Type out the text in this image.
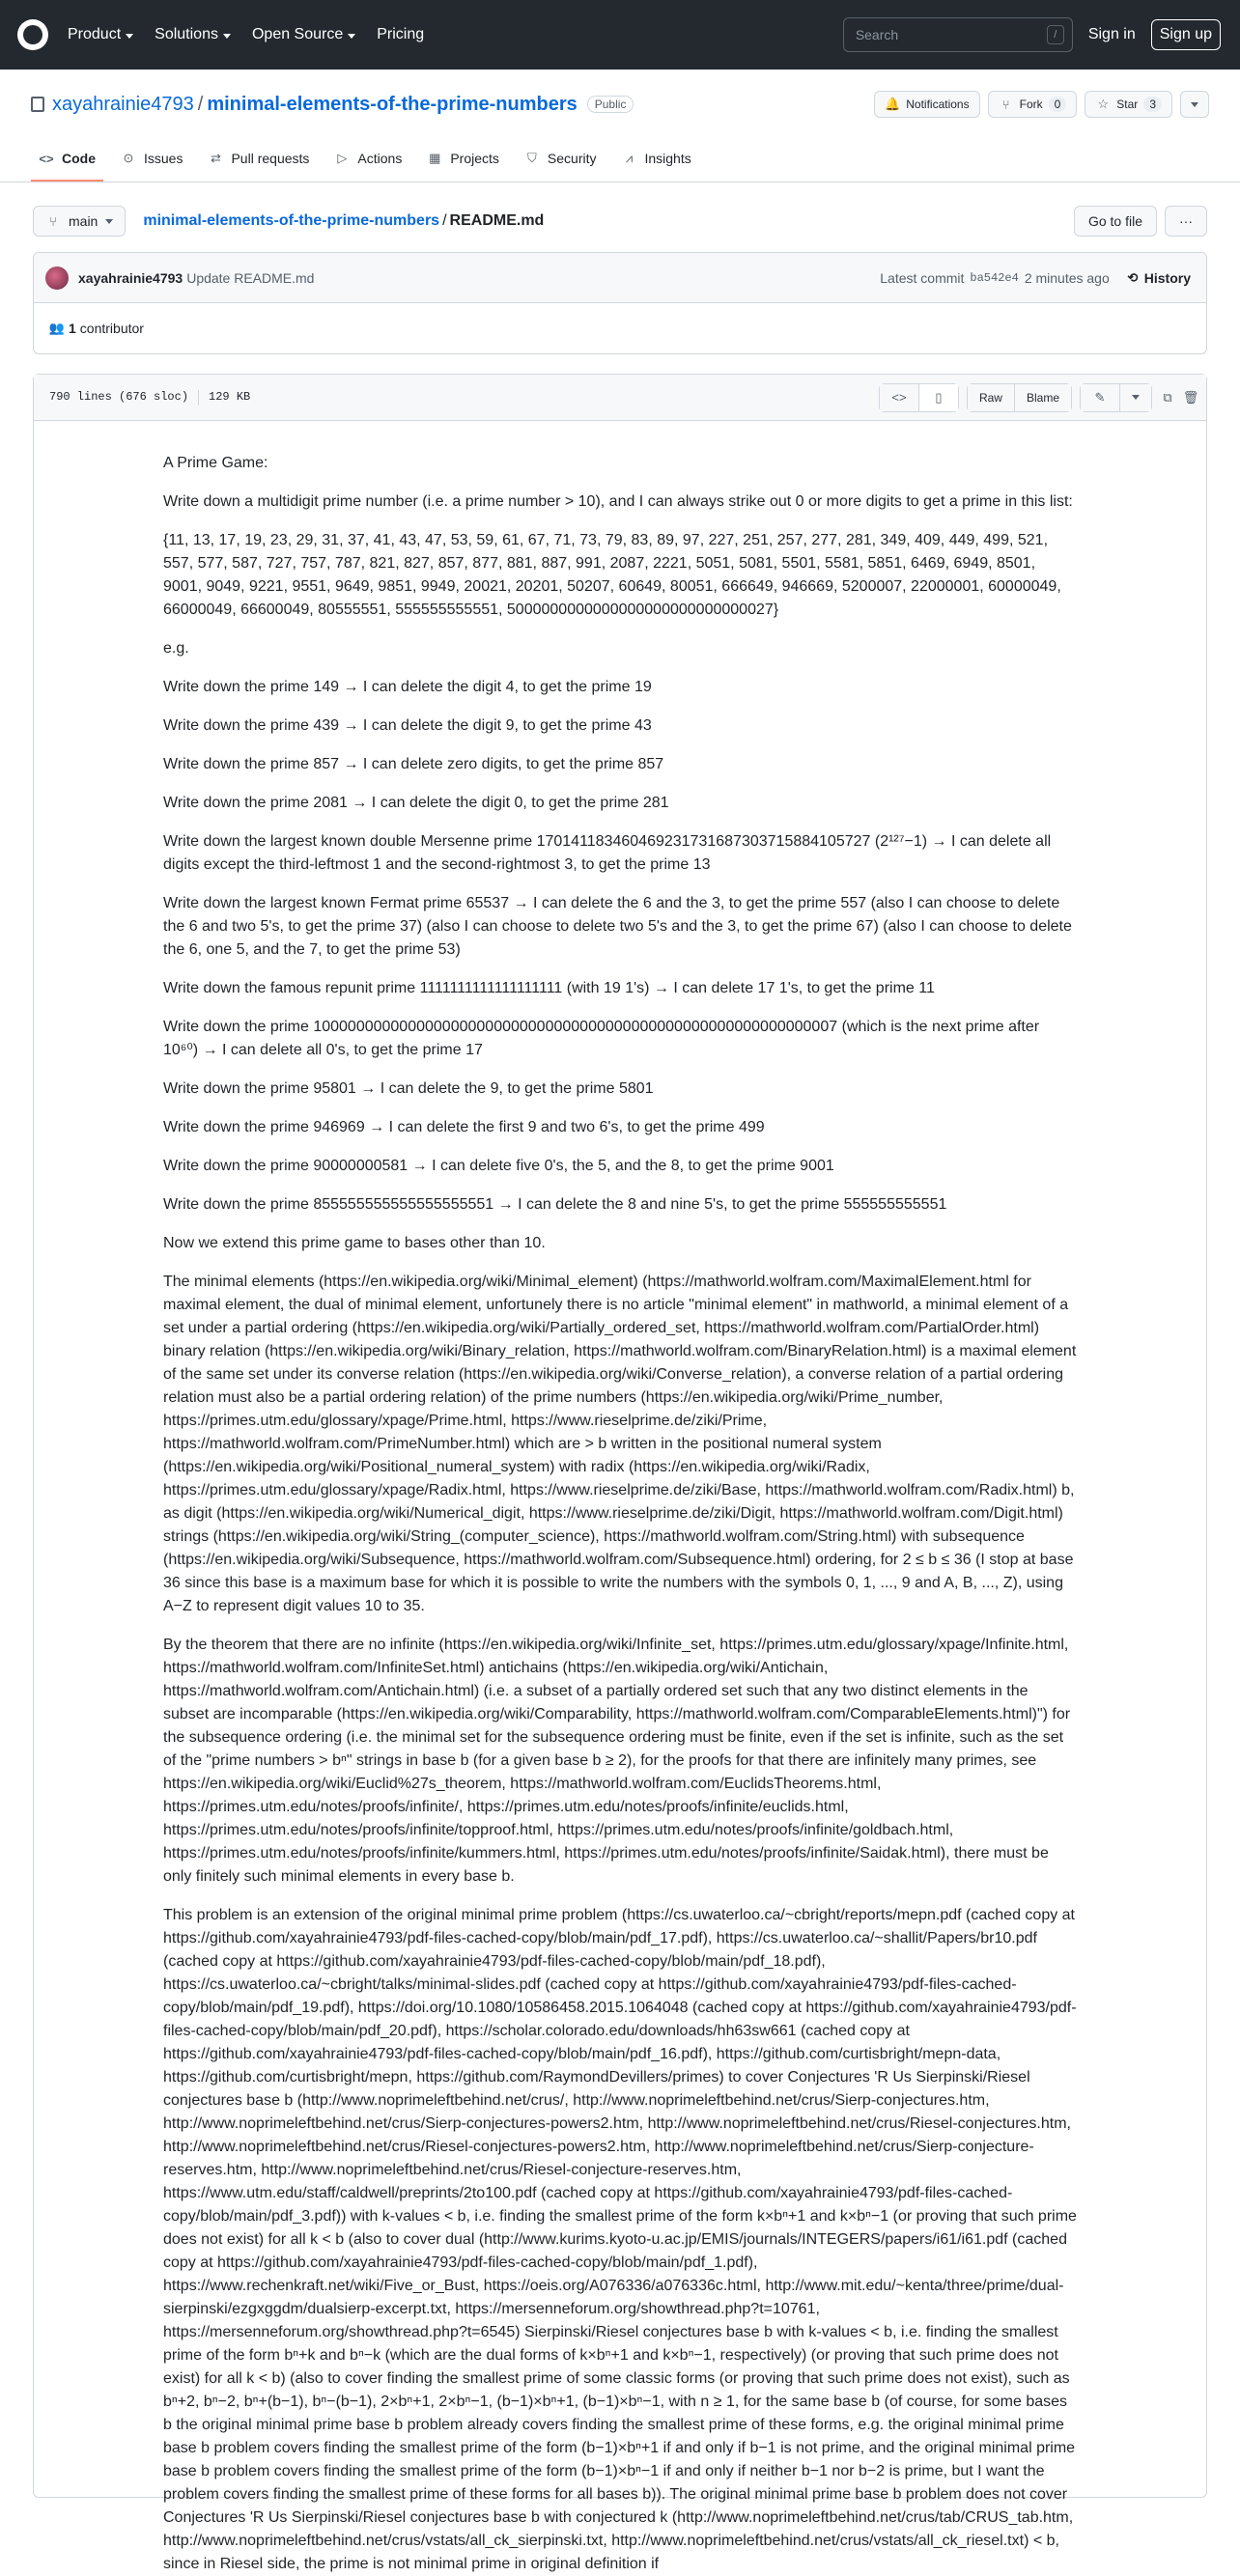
Product Solutions Open Source Pricing	Search	/	Sign in	Sign up
xayahrainie4793 / minimal-elements-of-the-prime-numbers	Public	🔔 Notifications	⑂ Fork	0	☆ Star	3
<> Code ⊙ Issues ⇄ Pull requests ▷ Actions ▦ Projects ⛉ Security	⩘ Insights
⑂ main	minimal-elements-of-the-prime-numbers / README.md	Go to file	···
xayahrainie4793 Update README.md	Latest commit ba542e4 2 minutes ago ⟲ History
👥 1 contributor
790 lines (676 sloc) 129 KB	<>	▯	Raw	Blame	✎	⧉ 🗑

A Prime Game:

Write down a multidigit prime number (i.e. a prime number > 10), and I can always strike out 0 or more digits to get a prime in this list:

{11, 13, 17, 19, 23, 29, 31, 37, 41, 43, 47, 53, 59, 61, 67, 71, 73, 79, 83, 89, 97, 227, 251, 257, 277, 281, 349, 409, 449, 499, 521, 557, 577, 587, 727, 757, 787, 821, 827, 857, 877, 881, 887, 991, 2087, 2221, 5051, 5081, 5501, 5581, 5851, 6469, 6949, 8501, 9001, 9049, 9221, 9551, 9649, 9851, 9949, 20021, 20201, 50207, 60649, 80051, 666649, 946669, 5200007, 22000001, 60000049, 66000049, 66600049, 80555551, 555555555551, 5000000000000000000000000000027}

e.g.

Write down the prime 149 → I can delete the digit 4, to get the prime 19

Write down the prime 439 → I can delete the digit 9, to get the prime 43

Write down the prime 857 → I can delete zero digits, to get the prime 857

Write down the prime 2081 → I can delete the digit 0, to get the prime 281

Write down the largest known double Mersenne prime 170141183460469231731687303715884105727 (2¹²⁷−1) → I can delete all digits except the third-leftmost 1 and the second-rightmost 3, to get the prime 13

Write down the largest known Fermat prime 65537 → I can delete the 6 and the 3, to get the prime 557 (also I can choose to delete the 6 and two 5's, to get the prime 37) (also I can choose to delete two 5's and the 3, to get the prime 67) (also I can choose to delete the 6, one 5, and the 7, to get the prime 53)

Write down the famous repunit prime 1111111111111111111 (with 19 1's) → I can delete 17 1's, to get the prime 11

Write down the prime 1000000000000000000000000000000000000000000000000000000000007 (which is the next prime after 10⁶⁰) → I can delete all 0's, to get the prime 17

Write down the prime 95801 → I can delete the 9, to get the prime 5801

Write down the prime 946969 → I can delete the first 9 and two 6's, to get the prime 499

Write down the prime 90000000581 → I can delete five 0's, the 5, and the 8, to get the prime 9001

Write down the prime 855555555555555555551 → I can delete the 8 and nine 5's, to get the prime 555555555551

Now we extend this prime game to bases other than 10.

The minimal elements (https://en.wikipedia.org/wiki/Minimal_element) (https://mathworld.wolfram.com/MaximalElement.html for maximal element, the dual of minimal element, unfortunely there is no article "minimal element" in mathworld, a minimal element of a set under a partial ordering (https://en.wikipedia.org/wiki/Partially_ordered_set, https://mathworld.wolfram.com/PartialOrder.html) binary relation (https://en.wikipedia.org/wiki/Binary_relation, https://mathworld.wolfram.com/BinaryRelation.html) is a maximal element of the same set under its converse relation (https://en.wikipedia.org/wiki/Converse_relation), a converse relation of a partial ordering relation must also be a partial ordering relation) of the prime numbers (https://en.wikipedia.org/wiki/Prime_number, https://primes.utm.edu/glossary/xpage/Prime.html, https://www.rieselprime.de/ziki/Prime, https://mathworld.wolfram.com/PrimeNumber.html) which are > b written in the positional numeral system (https://en.wikipedia.org/wiki/Positional_numeral_system) with radix (https://en.wikipedia.org/wiki/Radix, https://primes.utm.edu/glossary/xpage/Radix.html, https://www.rieselprime.de/ziki/Base, https://mathworld.wolfram.com/Radix.html) b, as digit (https://en.wikipedia.org/wiki/Numerical_digit, https://www.rieselprime.de/ziki/Digit, https://mathworld.wolfram.com/Digit.html) strings (https://en.wikipedia.org/wiki/String_(computer_science), https://mathworld.wolfram.com/String.html) with subsequence (https://en.wikipedia.org/wiki/Subsequence, https://mathworld.wolfram.com/Subsequence.html) ordering, for 2 ≤ b ≤ 36 (I stop at base 36 since this base is a maximum base for which it is possible to write the numbers with the symbols 0, 1, ..., 9 and A, B, ..., Z), using A−Z to represent digit values 10 to 35.

By the theorem that there are no infinite (https://en.wikipedia.org/wiki/Infinite_set, https://primes.utm.edu/glossary/xpage/Infinite.html, https://mathworld.wolfram.com/InfiniteSet.html) antichains (https://en.wikipedia.org/wiki/Antichain, https://mathworld.wolfram.com/Antichain.html) (i.e. a subset of a partially ordered set such that any two distinct elements in the subset are incomparable (https://en.wikipedia.org/wiki/Comparability, https://mathworld.wolfram.com/ComparableElements.html)") for the subsequence ordering (i.e. the minimal set for the subsequence ordering must be finite, even if the set is infinite, such as the set of the "prime numbers > bⁿ" strings in base b (for a given base b ≥ 2), for the proofs for that there are infinitely many primes, see https://en.wikipedia.org/wiki/Euclid%27s_theorem, https://mathworld.wolfram.com/EuclidsTheorems.html, https://primes.utm.edu/notes/proofs/infinite/, https://primes.utm.edu/notes/proofs/infinite/euclids.html, https://primes.utm.edu/notes/proofs/infinite/topproof.html, https://primes.utm.edu/notes/proofs/infinite/goldbach.html, https://primes.utm.edu/notes/proofs/infinite/kummers.html, https://primes.utm.edu/notes/proofs/infinite/Saidak.html), there must be only finitely such minimal elements in every base b.

This problem is an extension of the original minimal prime problem (https://cs.uwaterloo.ca/~cbright/reports/mepn.pdf (cached copy at https://github.com/xayahrainie4793/pdf-files-cached-copy/blob/main/pdf_17.pdf), https://cs.uwaterloo.ca/~shallit/Papers/br10.pdf (cached copy at https://github.com/xayahrainie4793/pdf-files-cached-copy/blob/main/pdf_18.pdf), https://cs.uwaterloo.ca/~cbright/talks/minimal-slides.pdf (cached copy at https://github.com/xayahrainie4793/pdf-files-cached-copy/blob/main/pdf_19.pdf), https://doi.org/10.1080/10586458.2015.1064048 (cached copy at https://github.com/xayahrainie4793/pdf-files-cached-copy/blob/main/pdf_20.pdf), https://scholar.colorado.edu/downloads/hh63sw661 (cached copy at https://github.com/xayahrainie4793/pdf-files-cached-copy/blob/main/pdf_16.pdf), https://github.com/curtisbright/mepn-data, https://github.com/curtisbright/mepn, https://github.com/RaymondDevillers/primes) to cover Conjectures 'R Us Sierpinski/Riesel conjectures base b (http://www.noprimeleftbehind.net/crus/, http://www.noprimeleftbehind.net/crus/Sierp-conjectures.htm, http://www.noprimeleftbehind.net/crus/Sierp-conjectures-powers2.htm, http://www.noprimeleftbehind.net/crus/Riesel-conjectures.htm, http://www.noprimeleftbehind.net/crus/Riesel-conjectures-powers2.htm, http://www.noprimeleftbehind.net/crus/Sierp-conjecture-reserves.htm, http://www.noprimeleftbehind.net/crus/Riesel-conjecture-reserves.htm, https://www.utm.edu/staff/caldwell/preprints/2to100.pdf (cached copy at https://github.com/xayahrainie4793/pdf-files-cached-copy/blob/main/pdf_3.pdf)) with k-values < b, i.e. finding the smallest prime of the form k×bⁿ+1 and k×bⁿ−1 (or proving that such prime does not exist) for all k < b (also to cover dual (http://www.kurims.kyoto-u.ac.jp/EMIS/journals/INTEGERS/papers/i61/i61.pdf (cached copy at https://github.com/xayahrainie4793/pdf-files-cached-copy/blob/main/pdf_1.pdf), https://www.rechenkraft.net/wiki/Five_or_Bust, https://oeis.org/A076336/a076336c.html, http://www.mit.edu/~kenta/three/prime/dual-sierpinski/ezgxggdm/dualsierp-excerpt.txt, https://mersenneforum.org/showthread.php?t=10761, https://mersenneforum.org/showthread.php?t=6545) Sierpinski/Riesel conjectures base b with k-values < b, i.e. finding the smallest prime of the form bⁿ+k and bⁿ−k (which are the dual forms of k×bⁿ+1 and k×bⁿ−1, respectively) (or proving that such prime does not exist) for all k < b) (also to cover finding the smallest prime of some classic forms (or proving that such prime does not exist), such as bⁿ+2, bⁿ−2, bⁿ+(b−1), bⁿ−(b−1), 2×bⁿ+1, 2×bⁿ−1, (b−1)×bⁿ+1, (b−1)×bⁿ−1, with n ≥ 1, for the same base b (of course, for some bases b the original minimal prime base b problem already covers finding the smallest prime of these forms, e.g. the original minimal prime base b problem covers finding the smallest prime of the form (b−1)×bⁿ+1 if and only if b−1 is not prime, and the original minimal prime base b problem covers finding the smallest prime of the form (b−1)×bⁿ−1 if and only if neither b−1 nor b−2 is prime, but I want the problem covers finding the smallest prime of these forms for all bases b)). The original minimal prime base b problem does not cover Conjectures 'R Us Sierpinski/Riesel conjectures base b with conjectured k (http://www.noprimeleftbehind.net/crus/tab/CRUS_tab.htm, http://www.noprimeleftbehind.net/crus/vstats/all_ck_sierpinski.txt, http://www.noprimeleftbehind.net/crus/vstats/all_ck_riesel.txt) < b, since in Riesel side, the prime is not minimal prime in original definition if
